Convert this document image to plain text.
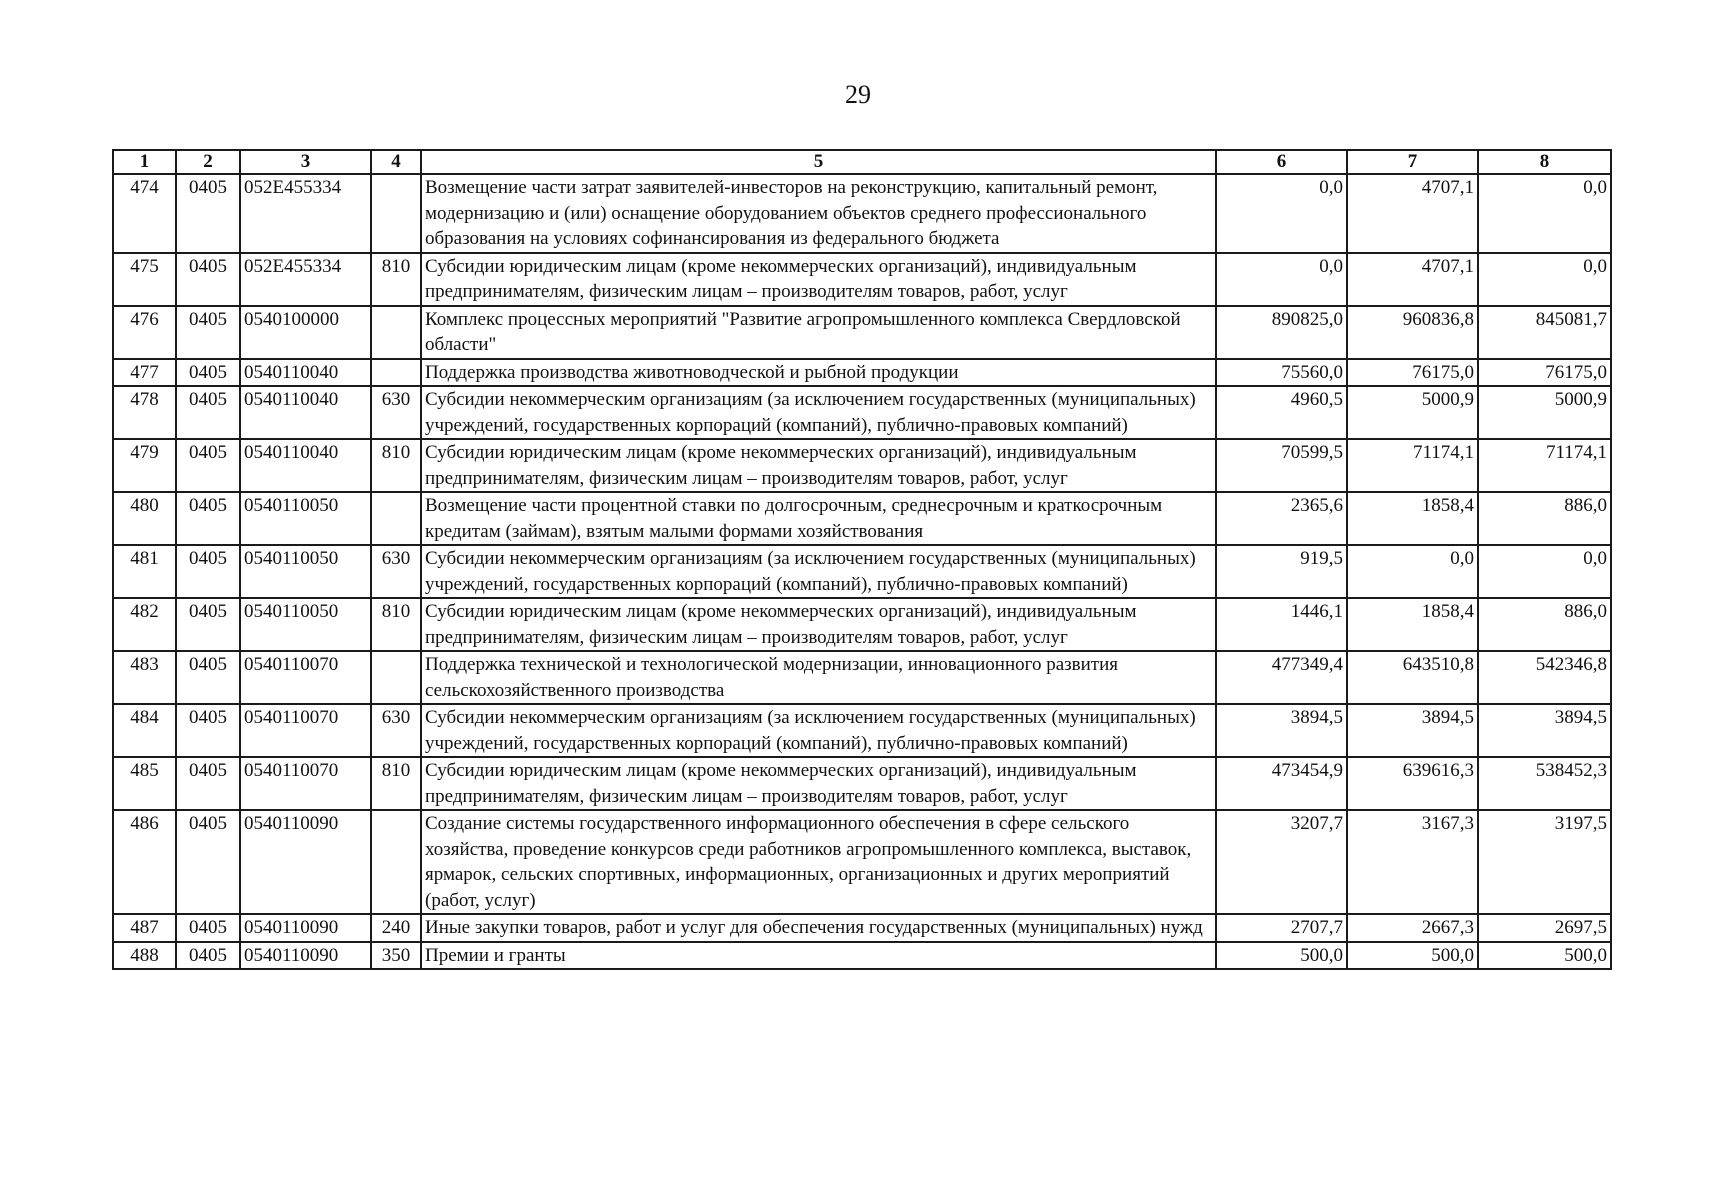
29
1	2	3	4	5	6	7	8
474	0405	052E455334		Возмещение части затрат заявителей-инвесторов на реконструкцию, капитальный ремонт, модернизацию и (или) оснащение оборудованием объектов среднего профессионального образования на условиях софинансирования из федерального бюджета	0,0	4707,1	0,0
475	0405	052E455334	810	Субсидии юридическим лицам (кроме некоммерческих организаций), индивидуальным предпринимателям, физическим лицам – производителям товаров, работ, услуг	0,0	4707,1	0,0
476	0405	0540100000		Комплекс процессных мероприятий "Развитие агропромышленного комплекса Свердловской области"	890825,0	960836,8	845081,7
477	0405	0540110040		Поддержка производства животноводческой и рыбной продукции	75560,0	76175,0	76175,0
478	0405	0540110040	630	Субсидии некоммерческим организациям (за исключением государственных (муниципальных) учреждений, государственных корпораций (компаний), публично-правовых компаний)	4960,5	5000,9	5000,9
479	0405	0540110040	810	Субсидии юридическим лицам (кроме некоммерческих организаций), индивидуальным предпринимателям, физическим лицам – производителям товаров, работ, услуг	70599,5	71174,1	71174,1
480	0405	0540110050		Возмещение части процентной ставки по долгосрочным, среднесрочным и краткосрочным кредитам (займам), взятым малыми формами хозяйствования	2365,6	1858,4	886,0
481	0405	0540110050	630	Субсидии некоммерческим организациям (за исключением государственных (муниципальных) учреждений, государственных корпораций (компаний), публично-правовых компаний)	919,5	0,0	0,0
482	0405	0540110050	810	Субсидии юридическим лицам (кроме некоммерческих организаций), индивидуальным предпринимателям, физическим лицам – производителям товаров, работ, услуг	1446,1	1858,4	886,0
483	0405	0540110070		Поддержка технической и технологической модернизации, инновационного развития сельскохозяйственного производства	477349,4	643510,8	542346,8
484	0405	0540110070	630	Субсидии некоммерческим организациям (за исключением государственных (муниципальных) учреждений, государственных корпораций (компаний), публично-правовых компаний)	3894,5	3894,5	3894,5
485	0405	0540110070	810	Субсидии юридическим лицам (кроме некоммерческих организаций), индивидуальным предпринимателям, физическим лицам – производителям товаров, работ, услуг	473454,9	639616,3	538452,3
486	0405	0540110090		Создание системы государственного информационного обеспечения в сфере сельского хозяйства, проведение конкурсов среди работников агропромышленного комплекса, выставок, ярмарок, сельских спортивных, информационных, организационных и других мероприятий (работ, услуг)	3207,7	3167,3	3197,5
487	0405	0540110090	240	Иные закупки товаров, работ и услуг для обеспечения государственных (муниципальных) нужд	2707,7	2667,3	2697,5
488	0405	0540110090	350	Премии и гранты	500,0	500,0	500,0
